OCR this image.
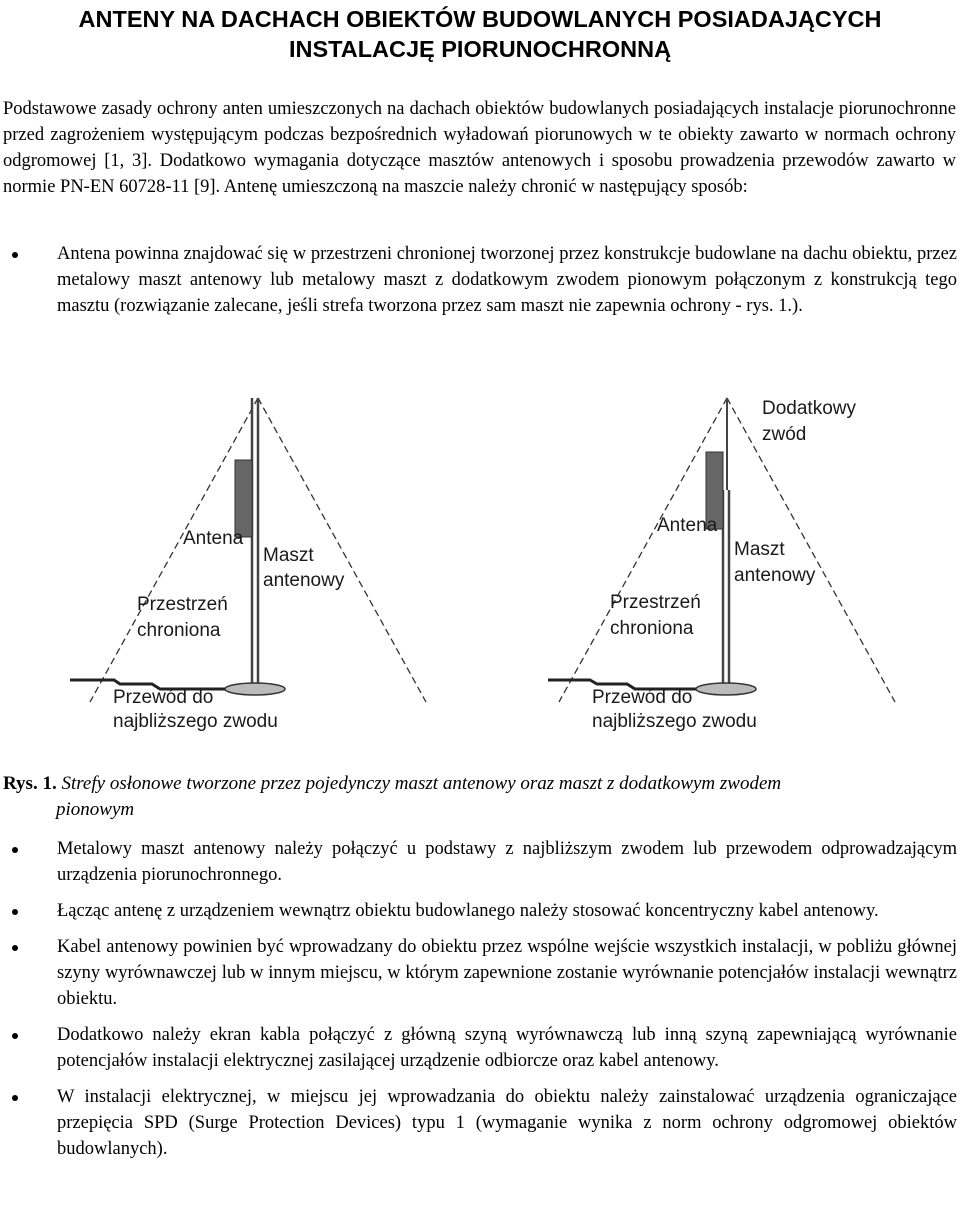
ANTENY NA DACHACH OBIEKTÓW BUDOWLANYCH POSIADAJĄCYCH
INSTALACJĘ PIORUNOCHRONNĄ

Podstawowe zasady ochrony anten umieszczonych na dachach obiektów budowlanych posiadających instalacje piorunochronne przed zagrożeniem występującym podczas bezpośrednich wyładowań piorunowych w te obiekty zawarto w normach ochrony odgromowej [1, 3]. Dodatkowo wymagania dotyczące masztów antenowych i sposobu prowadzenia przewodów zawarto w normie PN-EN 60728-11 [9]. Antenę umieszczoną na maszcie należy chronić w następujący sposób:

Antena powinna znajdować się w przestrzeni chronionej tworzonej przez konstrukcje budowlane na dachu obiektu, przez metalowy maszt antenowy lub metalowy maszt z dodatkowym zwodem pionowym połączonym z konstrukcją tego masztu (rozwiązanie zalecane, jeśli strefa tworzona przez sam maszt nie zapewnia ochrony - rys. 1.).
Antena
Maszt
antenowy
Przestrzeń
chroniona
Przewód do
najbliższego zwodu
Dodatkowy
zwód
Antena
Maszt
antenowy
Przestrzeń
chroniona
Przewód do
najbliższego zwodu

Rys. 1. Strefy osłonowe tworzone przez pojedynczy maszt antenowy oraz maszt z dodatkowym zwodem
pionowym

Metalowy maszt antenowy należy połączyć u podstawy z najbliższym zwodem lub przewodem odprowadzającym urządzenia piorunochronnego.
Łącząc antenę z urządzeniem wewnątrz obiektu budowlanego należy stosować koncentryczny kabel antenowy.
Kabel antenowy powinien być wprowadzany do obiektu przez wspólne wejście wszystkich instalacji, w pobliżu głównej szyny wyrównawczej lub w innym miejscu, w którym zapewnione zostanie wyrównanie potencjałów instalacji wewnątrz obiektu.
Dodatkowo należy ekran kabla połączyć z główną szyną wyrównawczą lub inną szyną zapewniającą wyrównanie potencjałów instalacji elektrycznej zasilającej urządzenie odbiorcze oraz kabel antenowy.
W instalacji elektrycznej, w miejscu jej wprowadzania do obiektu należy zainstalować urządzenia ograniczające przepięcia SPD (Surge Protection Devices) typu 1 (wymaganie wynika z norm ochrony odgromowej obiektów budowlanych).
